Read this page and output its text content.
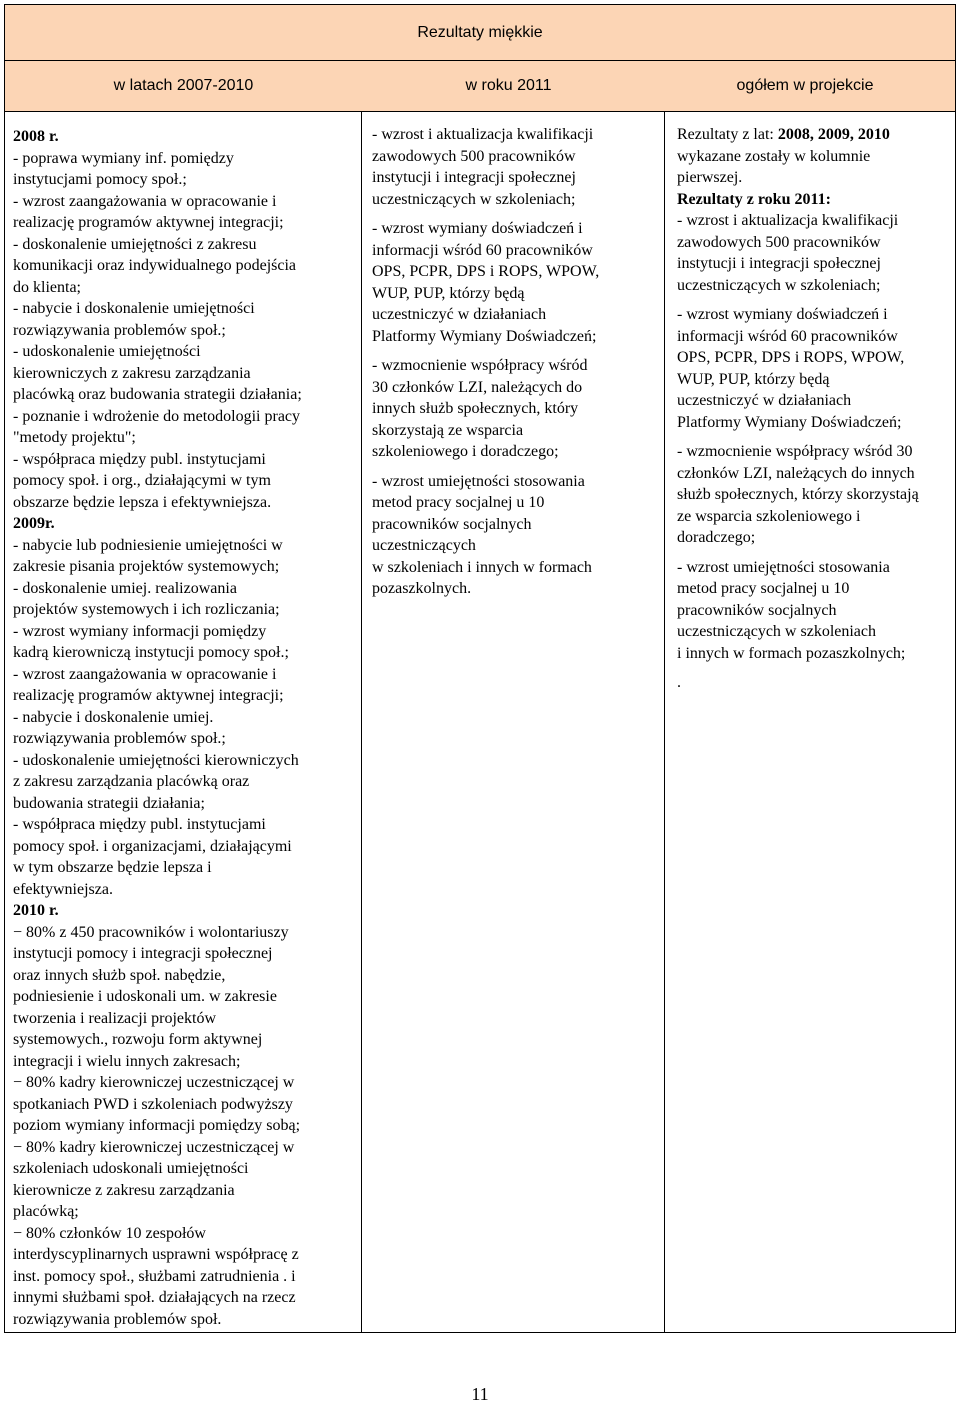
Rezultaty miękkie
w latach 2007-2010	w roku 2011	ogółem w projekcie
2008 r.
- poprawa wymiany inf. pomiędzy
instytucjami pomocy społ.;
- wzrost zaangażowania w opracowanie i
realizację programów aktywnej integracji;
- doskonalenie umiejętności z zakresu
komunikacji oraz indywidualnego podejścia
do klienta;
- nabycie i doskonalenie umiejętności
rozwiązywania problemów społ.;
- udoskonalenie umiejętności
kierowniczych z zakresu zarządzania
placówką oraz budowania strategii działania;
- poznanie i wdrożenie do metodologii pracy
"metody projektu";
- współpraca między publ. instytucjami
pomocy społ. i org., działającymi w tym
obszarze będzie lepsza i efektywniejsza.
2009r.
- nabycie lub podniesienie umiejętności w
zakresie pisania projektów systemowych;
- doskonalenie umiej. realizowania
projektów systemowych i ich rozliczania;
- wzrost wymiany informacji pomiędzy
kadrą kierowniczą instytucji pomocy społ.;
- wzrost zaangażowania w opracowanie i
realizację programów aktywnej integracji;
- nabycie i doskonalenie umiej.
rozwiązywania problemów społ.;
- udoskonalenie umiejętności kierowniczych
z zakresu zarządzania placówką oraz
budowania strategii działania;
- współpraca między publ. instytucjami
pomocy społ. i organizacjami, działającymi
w tym obszarze będzie lepsza i
efektywniejsza.
2010 r.
− 80% z 450 pracowników i wolontariuszy
instytucji pomocy i integracji społecznej
oraz innych służb społ. nabędzie,
podniesienie i udoskonali um. w zakresie
tworzenia i realizacji projektów
systemowych., rozwoju form aktywnej
integracji i wielu innych zakresach;
− 80% kadry kierowniczej uczestniczącej w
spotkaniach PWD i szkoleniach podwyższy
poziom wymiany informacji pomiędzy sobą;
− 80% kadry kierowniczej uczestniczącej w
szkoleniach udoskonali umiejętności
kierownicze z zakresu zarządzania
placówką;
− 80% członków 10 zespołów
interdyscyplinarnych usprawni współpracę z
inst. pomocy społ., służbami zatrudnienia . i
innymi służbami społ. działających na rzecz
rozwiązywania problemów społ.
- wzrost i aktualizacja kwalifikacji
zawodowych 500 pracowników
instytucji i integracji społecznej
uczestniczących w szkoleniach;
- wzrost wymiany doświadczeń i
informacji wśród 60 pracowników
OPS, PCPR, DPS i ROPS, WPOW,
WUP, PUP, którzy będą
uczestniczyć w działaniach
Platformy Wymiany Doświadczeń;
- wzmocnienie współpracy wśród
30 członków LZI, należących do
innych służb społecznych, który
skorzystają ze wsparcia
szkoleniowego i doradczego;
- wzrost umiejętności stosowania
metod pracy socjalnej u 10
pracowników socjalnych
uczestniczących
w szkoleniach i innych w formach
pozaszkolnych.
Rezultaty z lat: 2008, 2009, 2010
wykazane zostały w kolumnie
pierwszej.
Rezultaty z roku 2011:
- wzrost i aktualizacja kwalifikacji
zawodowych 500 pracowników
instytucji i integracji społecznej
uczestniczących w szkoleniach;
- wzrost wymiany doświadczeń i
informacji wśród 60 pracowników
OPS, PCPR, DPS i ROPS, WPOW,
WUP, PUP, którzy będą
uczestniczyć w działaniach
Platformy Wymiany Doświadczeń;
- wzmocnienie współpracy wśród 30
członków LZI, należących do innych
służb społecznych, którzy skorzystają
ze wsparcia szkoleniowego i
doradczego;
- wzrost umiejętności stosowania
metod pracy socjalnej u 10
pracowników socjalnych
uczestniczących w szkoleniach
i innych w formach pozaszkolnych;
.
11
